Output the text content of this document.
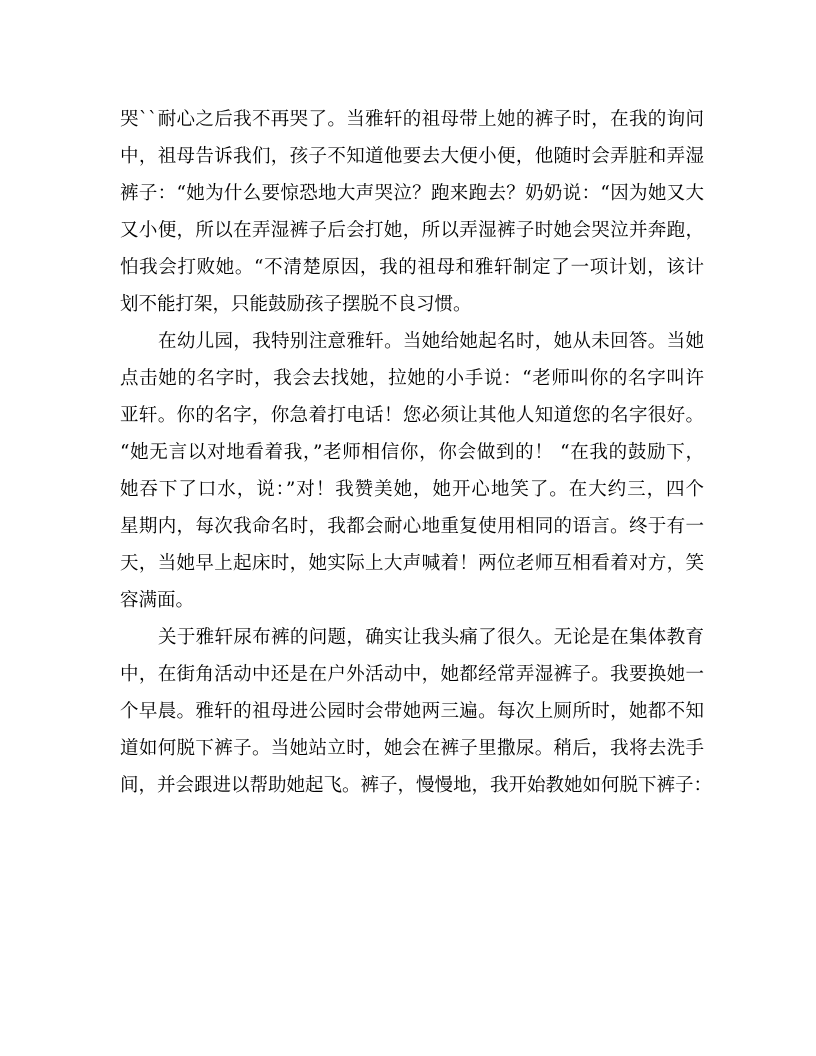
哭``耐心之后我不再哭了。当雅轩的祖母带上她的裤子时，在我的询问
中，祖母告诉我们，孩子不知道他要去大便小便，他随时会弄脏和弄湿
裤子：“她为什么要惊恐地大声哭泣？跑来跑去？奶奶说：“因为她又大
又小便，所以在弄湿裤子后会打她，所以弄湿裤子时她会哭泣并奔跑，
怕我会打败她。“不清楚原因，我的祖母和雅轩制定了一项计划，该计
划不能打架，只能鼓励孩子摆脱不良习惯。
在幼儿园，我特别注意雅轩。当她给她起名时，她从未回答。当她
点击她的名字时，我会去找她，拉她的小手说：“老师叫你的名字叫许
亚轩。你的名字，你急着打电话！您必须让其他人知道您的名字很好。
“她无言以对地看着我，”老师相信你，你会做到的！ “在我的鼓励下，
她吞下了口水，说：”对！我赞美她，她开心地笑了。在大约三，四个
星期内，每次我命名时，我都会耐心地重复使用相同的语言。终于有一
天，当她早上起床时，她实际上大声喊着！两位老师互相看着对方，笑
容满面。
关于雅轩尿布裤的问题，确实让我头痛了很久。无论是在集体教育
中，在街角活动中还是在户外活动中，她都经常弄湿裤子。我要换她一
个早晨。雅轩的祖母进公园时会带她两三遍。每次上厕所时，她都不知
道如何脱下裤子。当她站立时，她会在裤子里撒尿。稍后，我将去洗手
间，并会跟进以帮助她起飞。裤子，慢慢地，我开始教她如何脱下裤子：
